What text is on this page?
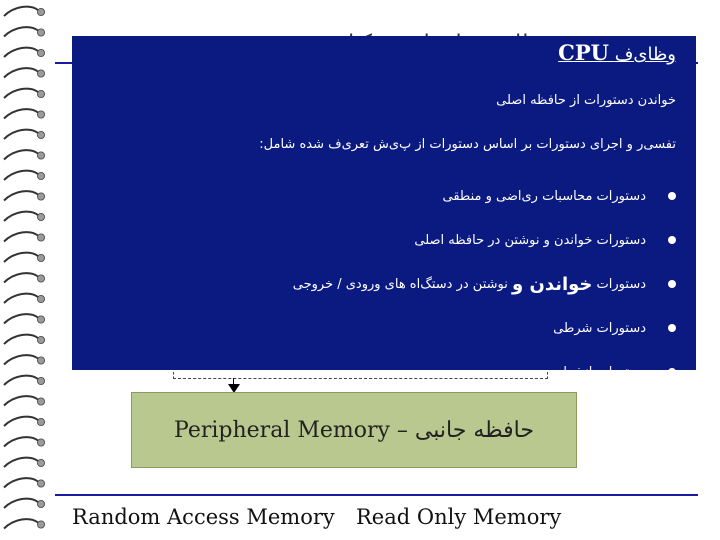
Peripheral Memory – حافظه جانبی
Random Access Memory Read Only Memory
وظای‌ف CPU
خواندن دستورات از حافظه اصلی
تفسی‌ر و اجرای دستورات بر اساس دستورات از پ‌ی‌ش تعری‌ف شده شامل:
دستورات محاسبات ری‌اضی و منطقی
دستورات خواندن و نوشتن در حافظه اصلی
دستورات

خواندن و

نوشتن در دستگ‌اه های ورودی / خروجی
دستورات شرطی
دستورات انشعاب
